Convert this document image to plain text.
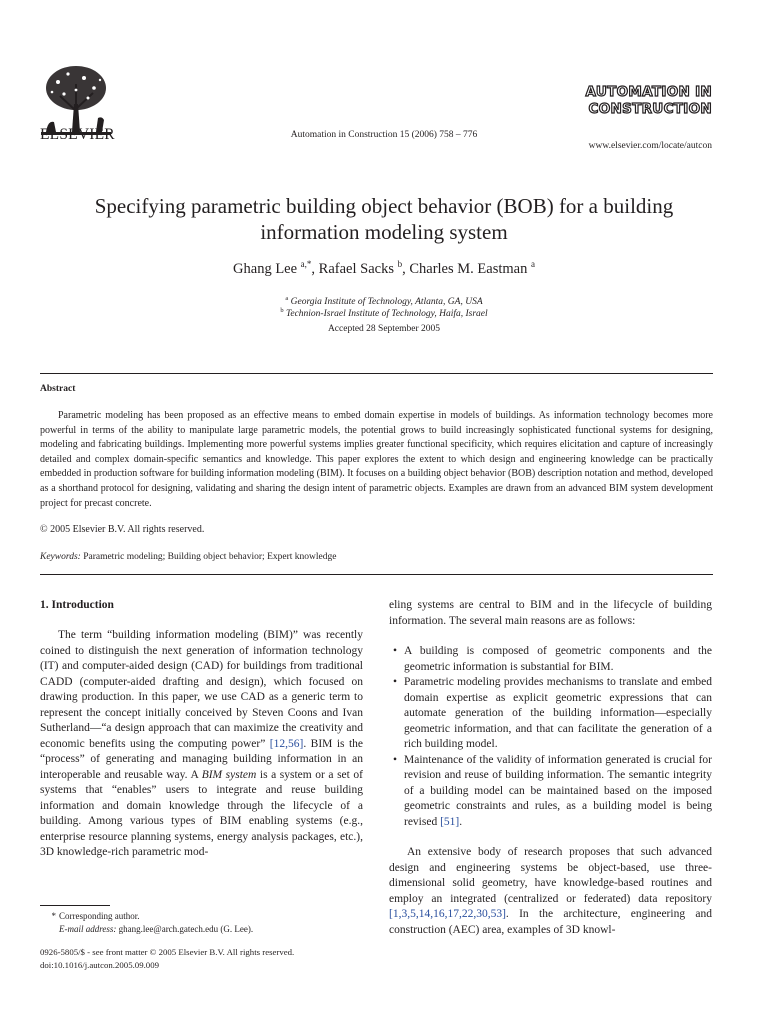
ELSEVIER	Automation in Construction 15 (2006) 758 – 776
AUTOMATION IN
CONSTRUCTION
www.elsevier.com/locate/autcon
Specifying parametric building object behavior (BOB) for a building information modeling system
Ghang Lee $^{a,*}$, Rafael Sacks $^b$, Charles M. Eastman $^a$
$^a$ Georgia Institute of Technology, Atlanta, GA, USA
$^b$ Technion-Israel Institute of Technology, Haifa, Israel
Accepted 28 September 2005
Abstract

Parametric modeling has been proposed as an effective means to embed domain expertise in models of buildings. As information technology becomes more powerful in terms of the ability to manipulate large parametric models, the potential grows to build increasingly sophisticated functional systems for designing, modeling and fabricating buildings. Implementing more powerful systems implies greater functional specificity, which requires elicitation and capture of increasingly detailed and complex domain-specific semantics and knowledge. This paper explores the extent to which design and engineering knowledge can be practically embedded in production software for building information modeling (BIM). It focuses on a building object behavior (BOB) description notation and method, developed as a shorthand protocol for designing, validating and sharing the design intent of parametric objects. Examples are drawn from an advanced BIM system development project for precast concrete.

© 2005 Elsevier B.V. All rights reserved.
Keywords: Parametric modeling; Building object behavior; Expert knowledge
1. Introduction

The term “building information modeling (BIM)” was recently coined to distinguish the next generation of information technology (IT) and computer-aided design (CAD) for buildings from traditional CADD (computer-aided drafting and design), which focused on drawing production. In this paper, we use CAD as a generic term to represent the concept initially conceived by Steven Coons and Ivan Sutherland—“a design approach that can maximize the creativity and economic benefits using the computing power” [12,56]. BIM is the “process” of generating and managing building information in an interoperable and reusable way. A BIM system is a system or a set of systems that “enables” users to integrate and reuse building information and domain knowledge through the lifecycle of a building. Among various types of BIM enabling systems (e.g., enterprise resource planning systems, energy analysis packages, etc.), 3D knowledge-rich parametric mod-

eling systems are central to BIM and in the lifecycle of building information. The several main reasons are as follows:

• A building is composed of geometric components and the geometric information is substantial for BIM.
• Parametric modeling provides mechanisms to translate and embed domain expertise as explicit geometric expressions that can automate generation of the building information—especially geometric information, and that can facilitate the generation of a rich building model.
• Maintenance of the validity of information generated is crucial for revision and reuse of building information. The semantic integrity of a building model can be maintained based on the imposed geometric constraints and rules, as a building model is being revised [51].

An extensive body of research proposes that such advanced design and engineering systems be object-based, use three-dimensional solid geometry, have knowledge-based routines and employ an integrated (centralized or federated) data repository [1,3,5,14,16,17,22,30,53]. In the architecture, engineering and construction (AEC) area, examples of 3D knowl-

* Corresponding author.
E-mail address: ghang.lee@arch.gatech.edu (G. Lee).
0926-5805/$ - see front matter © 2005 Elsevier B.V. All rights reserved.
doi:10.1016/j.autcon.2005.09.009
